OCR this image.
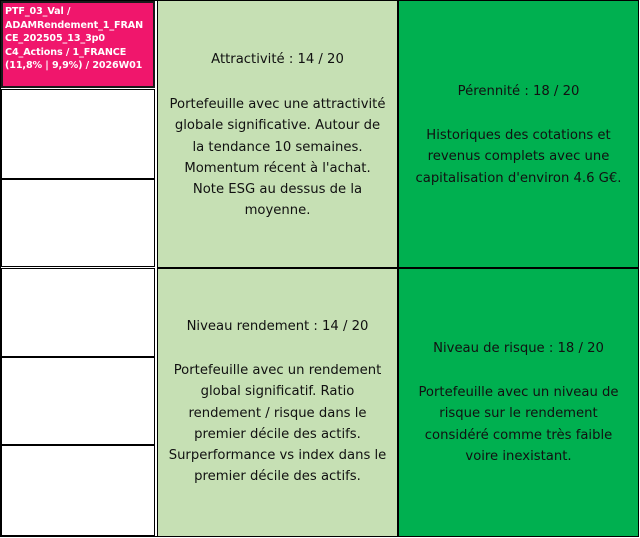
PTF_03_Val /
ADAMRendement_1_FRAN
CE_202505_13_3p0
C4_Actions / 1_FRANCE
(11,8% | 9,9%) / 2026W01	Attractivité : 14 / 20
Portefeuille avec une attractivité
globale significative. Autour de
la tendance 10 semaines.
Momentum récent à l'achat.
Note ESG au dessus de la
moyenne.
Pérennité : 18 / 20
Historiques des cotations et
revenus complets avec une
capitalisation d'environ 4.6 G€.
Niveau rendement : 14 / 20
Portefeuille avec un rendement
global significatif. Ratio
rendement / risque dans le
premier décile des actifs.
Surperformance vs index dans le
premier décile des actifs.
Niveau de risque : 18 / 20
Portefeuille avec un niveau de
risque sur le rendement
considéré comme très faible
voire inexistant.
